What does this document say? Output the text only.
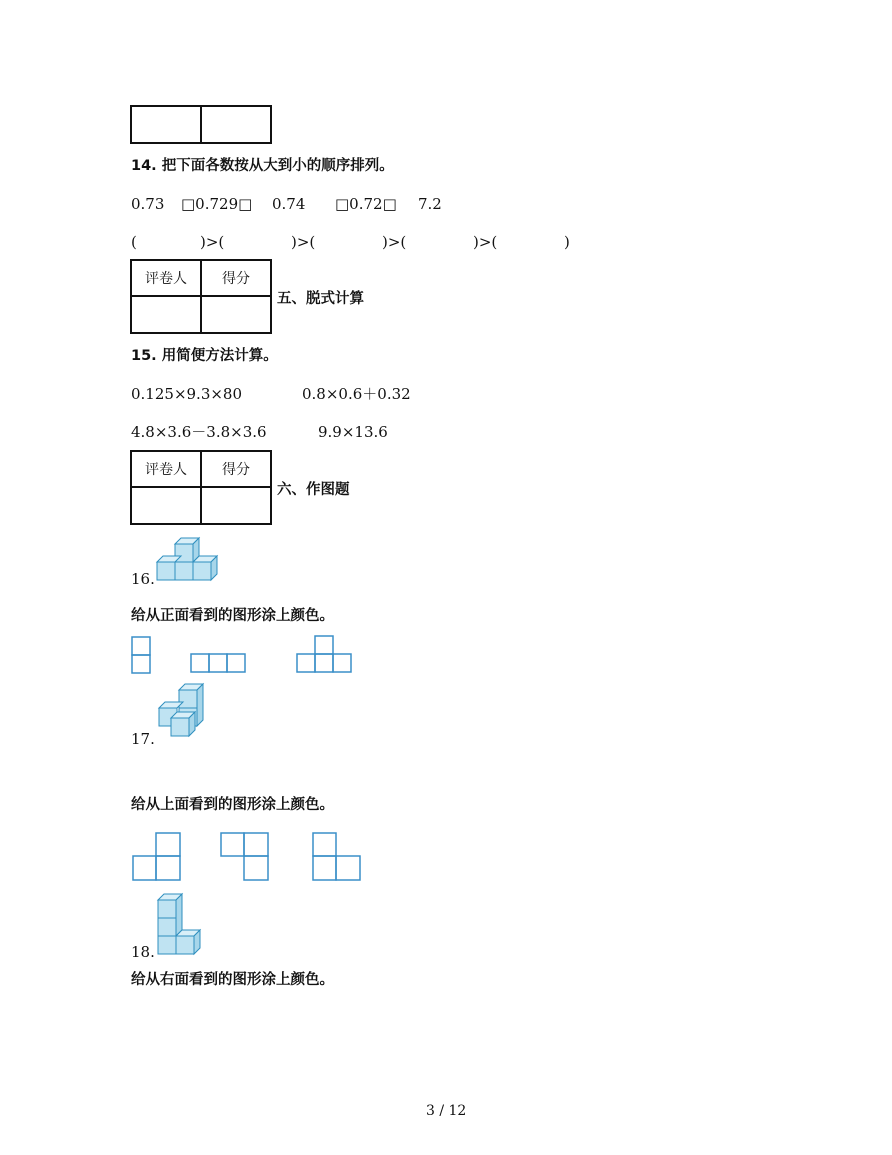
14. 把下面各数按从大到小的顺序排列。
0.73 □0.729□ 0.74 □0.72□ 7.2
(	)>(	)>(	)>(	)>(	)
评卷人	得分

五、脱式计算
15. 用简便方法计算。
0.125×9.3×80	0.8×0.6＋0.32
4.8×3.6－3.8×3.6	9.9×13.6
评卷人	得分

六、作图题
16.
给从正面看到的图形涂上颜色。
17.
给从上面看到的图形涂上颜色。
18.
给从右面看到的图形涂上颜色。
3 / 12
